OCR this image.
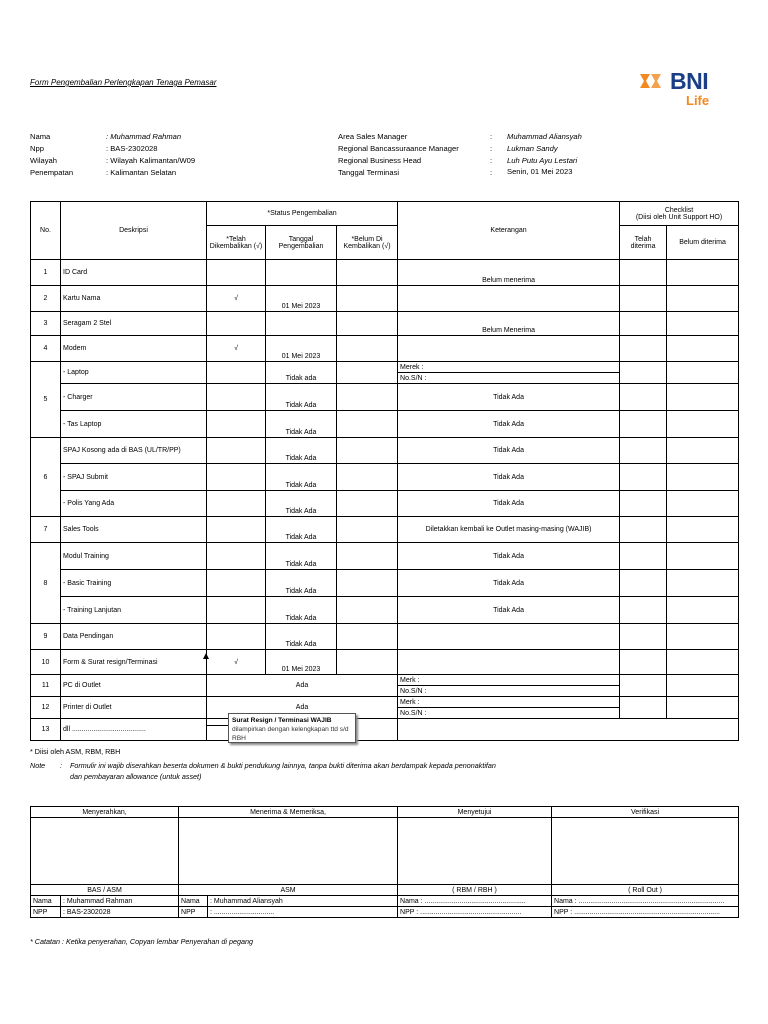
Form Pengembalian Perlengkapan Tenaga Pemasar	BNI
Life
Nama	: Muhammad Rahman
Npp	: BAS-2302028
Wilayah	: Wilayah Kalimantan/W09
Penempatan	: Kalimantan Selatan
Area Sales Manager	: Muhammad Aliansyah
Regional Bancassuraance Manager	: Lukman Sandy
Regional Business Head	: Luh Putu Ayu Lestari
Tanggal Terminasi	: Senin, 01 Mei 2023
No.	Deskripsi	*Status Pengembalian			Keterangan	Checklist
(Diisi oleh Unit Support HO)	

		*Telah Dikembalikan (√)	Tanggal Pengembalian	*Belum Di Kembalikan (√)		Telah diterima	Belum diterima
1	ID Card				Belum menerima		
2	Kartu Nama	√	01 Mei 2023				
3	Seragam 2 Stel				Belum Menerima		
4	Modem	√	01 Mei 2023				
5	- Laptop		Tidak ada		Merek :		
					No.S/N :		
	- Charger		Tidak Ada		Tidak Ada		
	- Tas Laptop		Tidak Ada		Tidak Ada		
6	SPAJ Kosong ada di BAS (UL/TR/PP)		Tidak Ada		Tidak Ada		
	- SPAJ Submit		Tidak Ada		Tidak Ada		
	- Polis Yang Ada		Tidak Ada		Tidak Ada		
7	Sales Tools		Tidak Ada		Diletakkan kembali ke Outlet masing-masing (WAJIB)		
8	Modul Training		Tidak Ada		Tidak Ada		
	- Basic Training		Tidak Ada		Tidak Ada		
	- Training Lanjutan		Tidak Ada		Tidak Ada		
9	Data Pendingan		Tidak Ada				
10	Form & Surat resign/Terminasi	√	01 Mei 2023				
11	PC di Outlet	Ada			Merk :		
					No.S/N :		
12	Printer di Outlet	Ada			Merk :		
					No.S/N :		
13	dll ......................................						
Surat Resign / Terminasi WAJIB
dilampirkan dengan kelengkapan ttd s/d RBH
* Diisi oleh ASM, RBM, RBH
Note : Formulir ini wajib diserahkan beserta dokumen & bukti pendukung lainnya, tanpa bukti diterima akan berdampak kepada penonaktifan
dan pembayaran allowance (untuk asset)
Menyerahkan,		Menerima & Memeriksa,		Menyetujui	Verifikasi

BAS / ASM		ASM		( RBM / RBH )	( Roll Out )
Nama	: Muhammad Rahman	Nama	: Muhammad Aliansyah	Nama : ....................................................	Nama : ...........................................................................
NPP	: BAS-2302028	NPP	: ...............................	NPP : ....................................................	NPP : ...........................................................................
* Catatan : Ketika penyerahan, Copyan lembar Penyerahan di pegang
